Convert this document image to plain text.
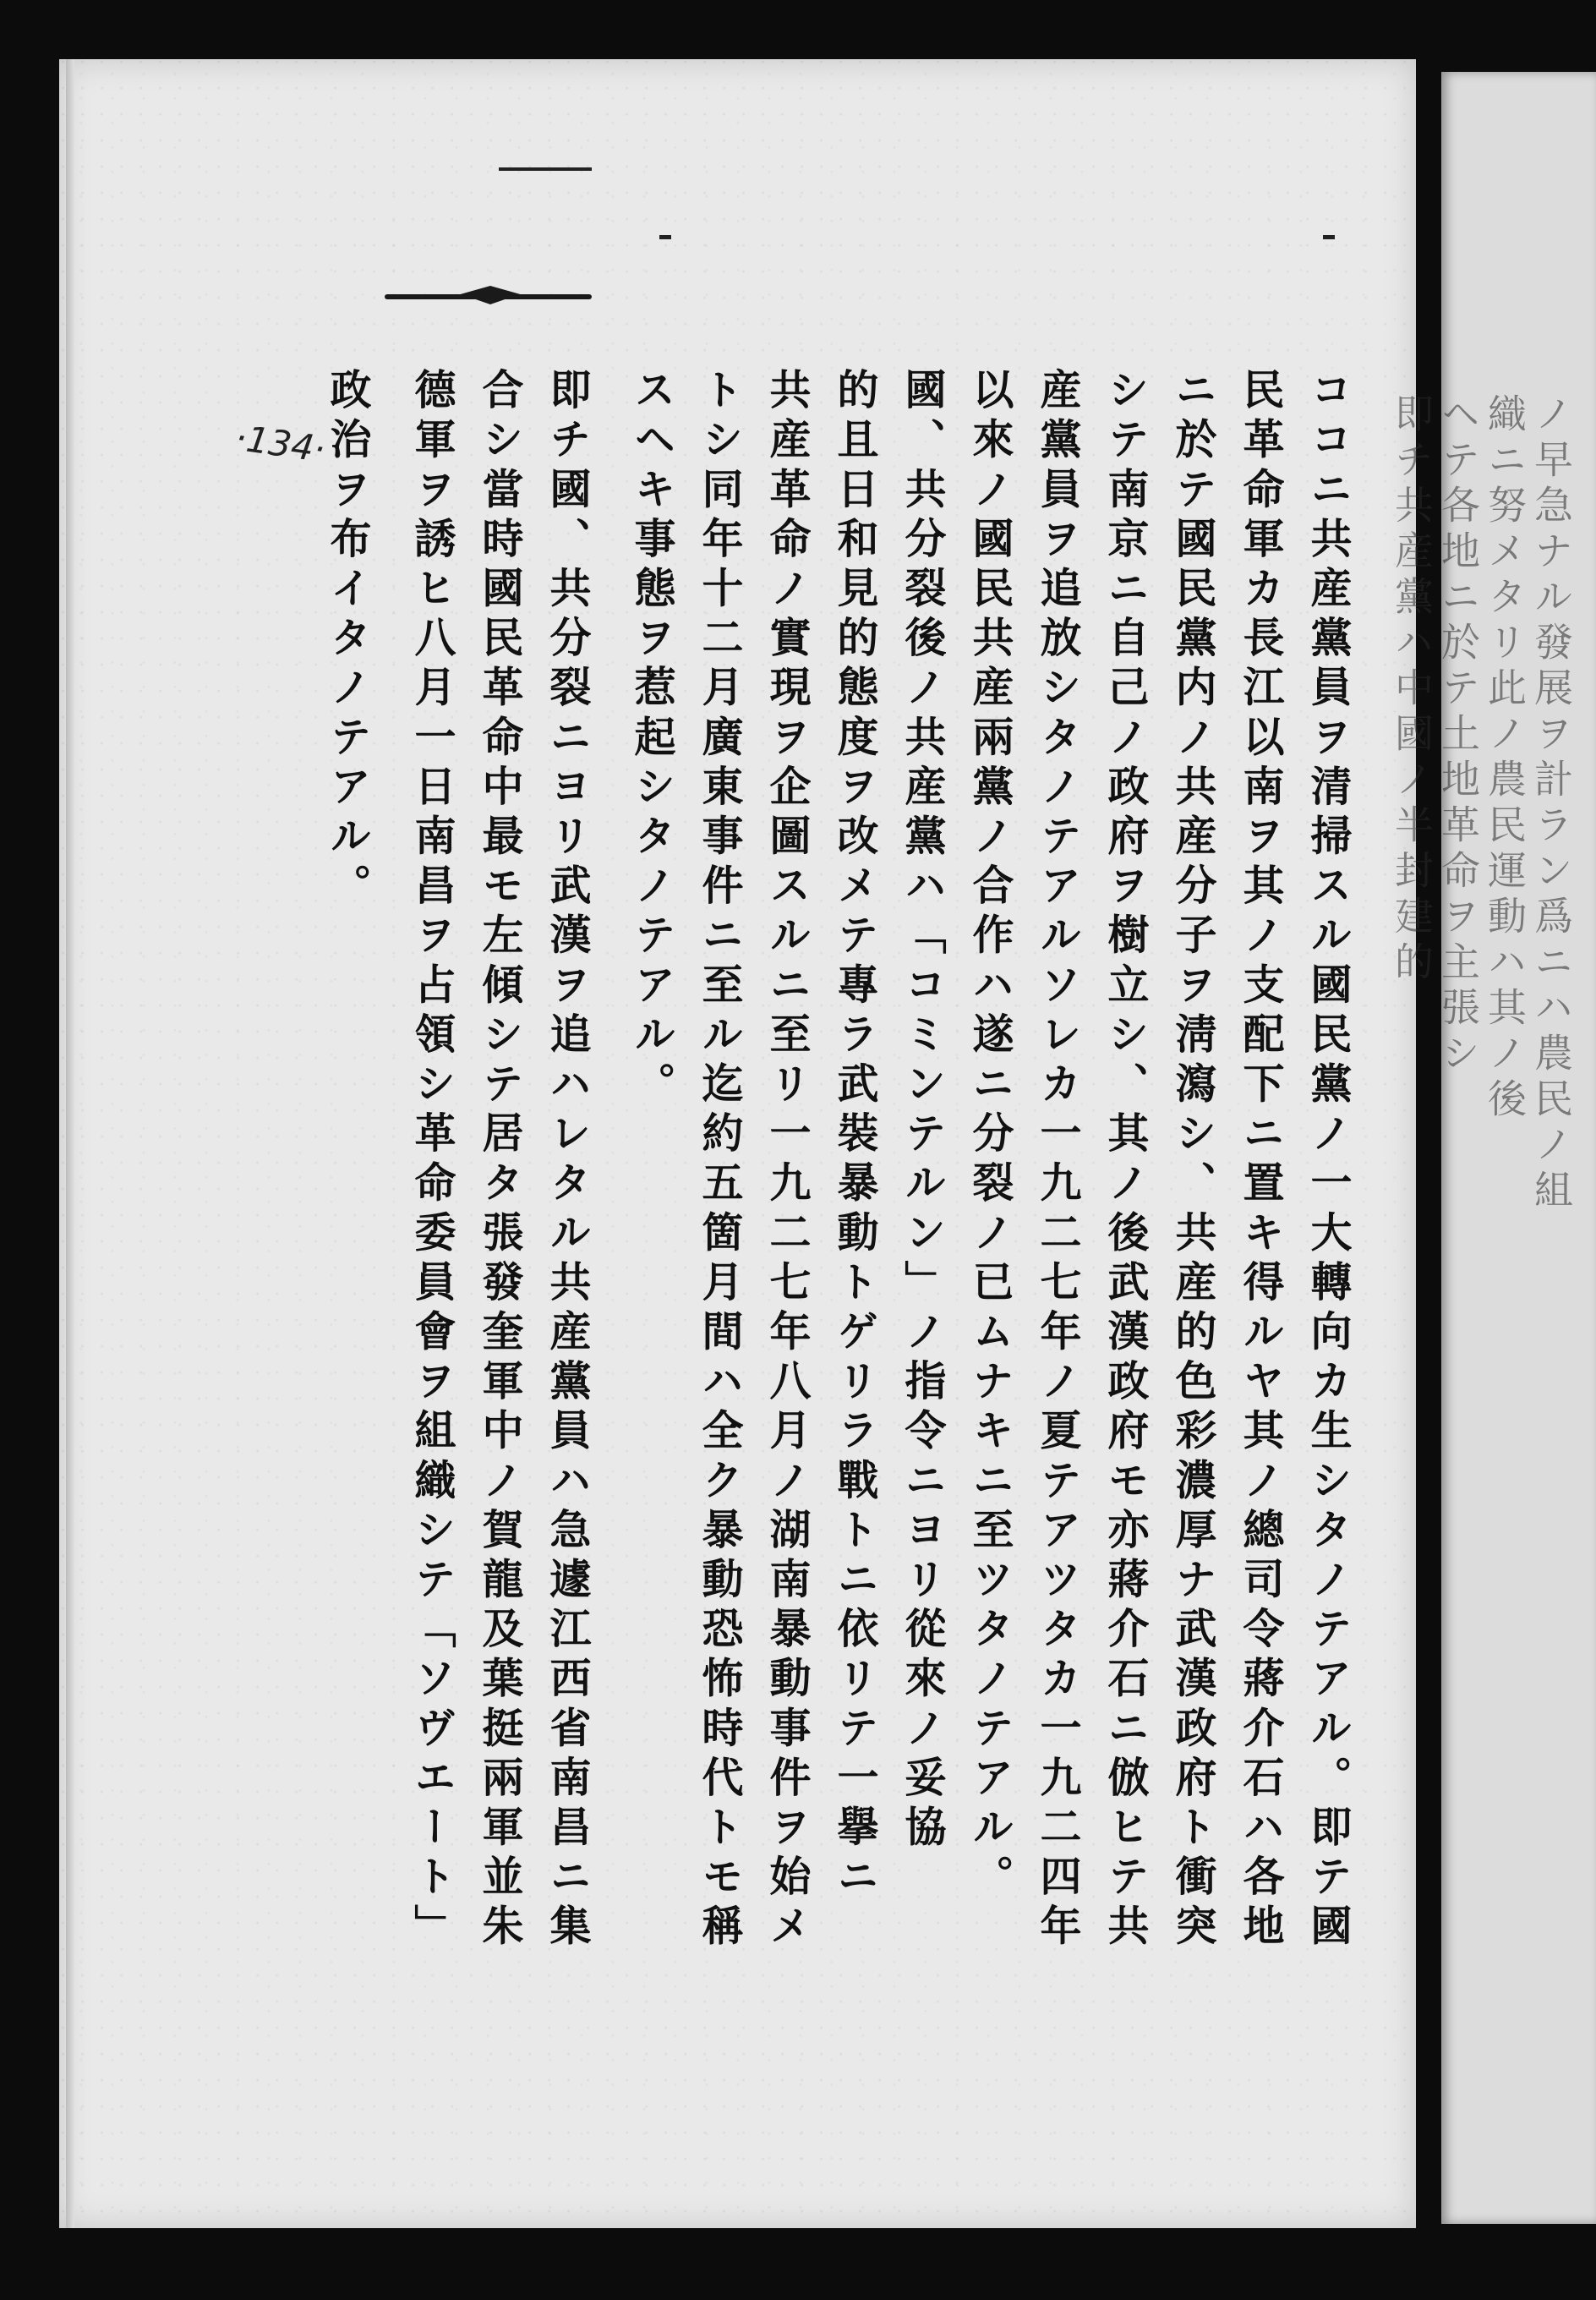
ココニ共産黨員ヲ清掃スル國民黨ノ一大轉向カ生シタノテアル。即テ國
民革命軍カ長江以南ヲ其ノ支配下ニ置キ得ルヤ其ノ總司令蔣介石ハ各地
ニ於テ國民黨内ノ共産分子ヲ淸瀉シ、共産的色彩濃厚ナ武漢政府ト衝突
シテ南京ニ自己ノ政府ヲ樹立シ、其ノ後武漢政府モ亦蔣介石ニ倣ヒテ共
産黨員ヲ追放シタノテアルソレカ一九二七年ノ夏テアツタカ一九二四年
以來ノ國民共産兩黨ノ合作ハ遂ニ分裂ノ已ムナキニ至ツタノテアル。
國、共分裂後ノ共産黨ハ「コミンテルン」ノ指令ニヨリ從來ノ妥協
的且日和見的態度ヲ改メテ專ラ武裝暴動トゲリラ戰トニ依リテ一擧ニ
共産革命ノ實現ヲ企圖スルニ至リ一九二七年八月ノ湖南暴動事件ヲ始メ
トシ同年十二月廣東事件ニ至ル迄約五箇月間ハ全ク暴動恐怖時代トモ稱
スヘキ事態ヲ惹起シタノテアル。
即チ國、共分裂ニヨリ武漢ヲ追ハレタル共産黨員ハ急遽江西省南昌ニ集
合シ當時國民革命中最モ左傾シテ居タ張發奎軍中ノ賀龍及葉挺兩軍並朱
德軍ヲ誘ヒ八月一日南昌ヲ占領シ革命委員會ヲ組織シテ「ソヴエート」
政治ヲ布イタノテアル。
·134·	ノ早急ナル發展ヲ計ラン爲ニハ農民ノ組
織ニ努メタリ此ノ農民運動ハ其ノ後
ヘテ各地ニ於テ土地革命ヲ主張シ
即チ共産黨ハ中國ノ半封建的
